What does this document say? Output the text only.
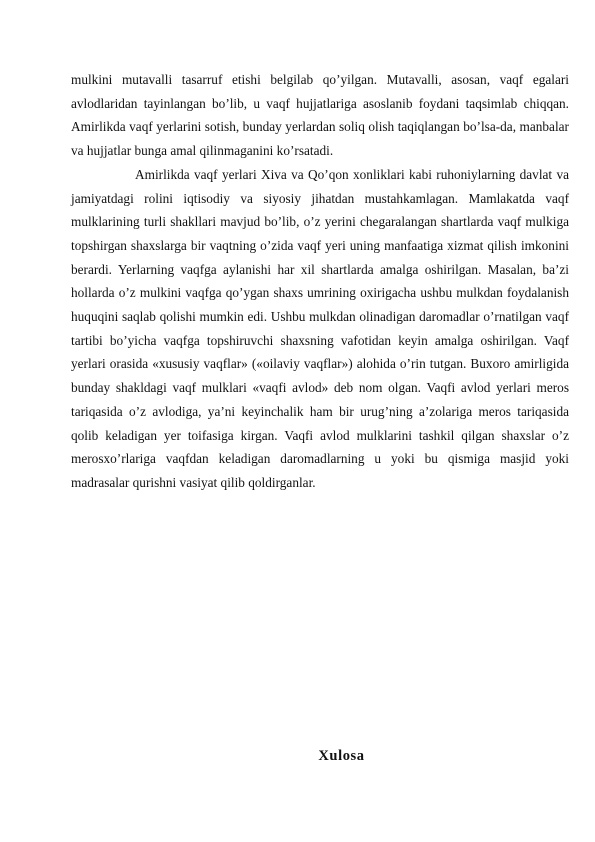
mulkini mutavalli tasarruf etishi belgilab qo’yilgan. Mutavalli, asosan, vaqf egalari avlodlaridan tayinlangan bo’lib, u vaqf hujjatlariga asoslanib foydani taqsimlab chiqqan. Amirlikda vaqf yerlarini sotish, bunday yerlardan soliq olish taqiqlangan bo’lsa-da, manbalar va hujjatlar bunga amal qilinmaganini ko’rsatadi.

Amirlikda vaqf yerlari Xiva va Qo’qon xonliklari kabi ruhoniylarning davlat va jamiyatdagi rolini iqtisodiy va siyosiy jihatdan mustahkamlagan. Mamlakatda vaqf mulklarining turli shakllari mavjud bo’lib, o’z yerini chegaralangan shartlarda vaqf mulkiga topshirgan shaxslarga bir vaqtning o’zida vaqf yeri uning manfaatiga xizmat qilish imkonini berardi. Yerlarning vaqfga aylanishi har xil shartlarda amalga oshirilgan. Masalan, ba’zi hollarda o’z mulkini vaqfga qo’ygan shaxs umrining oxirigacha ushbu mulkdan foydalanish huquqini saqlab qolishi mumkin edi. Ushbu mulkdan olinadigan daromadlar o’rnatilgan vaqf tartibi bo’yicha vaqfga topshiruvchi shaxsning vafotidan keyin amalga oshirilgan. Vaqf yerlari orasida «xususiy vaqflar» («oilaviy vaqflar») alohida o’rin tutgan. Buxoro amirligida bunday shakldagi vaqf mulklari «vaqfi avlod» deb nom olgan. Vaqfi avlod yerlari meros tariqasida o’z avlodiga, ya’ni keyinchalik ham bir urug’ning a’zolariga meros tariqasida qolib keladigan yer toifasiga kirgan. Vaqfi avlod mulklarini tashkil qilgan shaxslar o’z merosxo’rlariga vaqfdan keladigan daromadlarning u yoki bu qismiga masjid yoki madrasalar qurishni vasiyat qilib qoldirganlar.

Xulosa
